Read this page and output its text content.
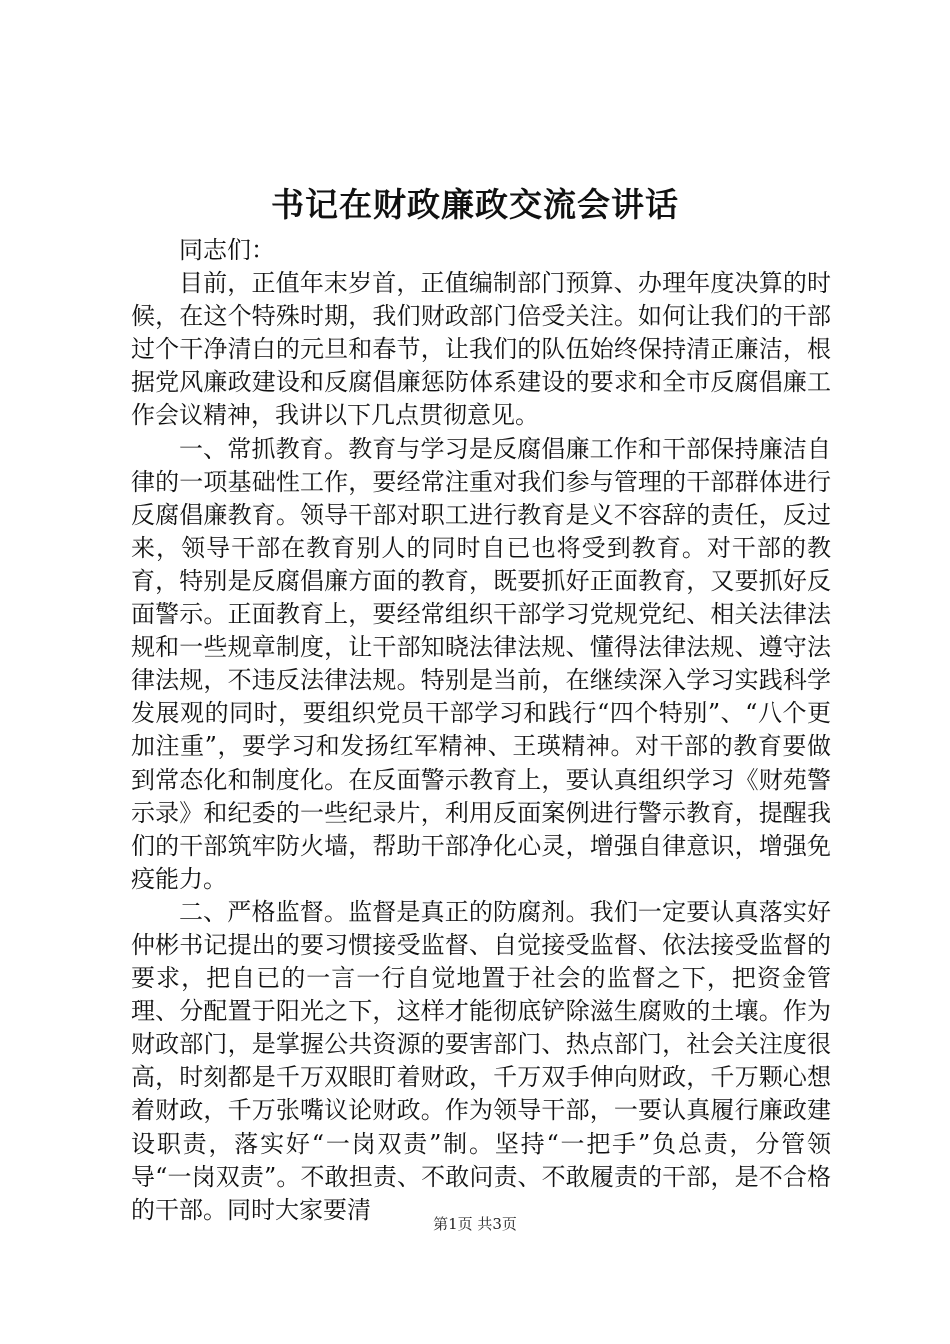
书记在财政廉政交流会讲话

同志们：

目前，正值年末岁首，正值编制部门预算、办理年度决算的时候，在这个特殊时期，我们财政部门倍受关注。如何让我们的干部过个干净清白的元旦和春节，让我们的队伍始终保持清正廉洁，根据党风廉政建设和反腐倡廉惩防体系建设的要求和全市反腐倡廉工作会议精神，我讲以下几点贯彻意见。

一、常抓教育。教育与学习是反腐倡廉工作和干部保持廉洁自律的一项基础性工作，要经常注重对我们参与管理的干部群体进行反腐倡廉教育。领导干部对职工进行教育是义不容辞的责任，反过来，领导干部在教育别人的同时自已也将受到教育。对干部的教育，特别是反腐倡廉方面的教育，既要抓好正面教育，又要抓好反面警示。正面教育上，要经常组织干部学习党规党纪、相关法律法规和一些规章制度，让干部知晓法律法规、懂得法律法规、遵守法律法规，不违反法律法规。特别是当前，在继续深入学习实践科学发展观的同时，要组织党员干部学习和践行“四个特别”、“八个更加注重”，要学习和发扬红军精神、王瑛精神。对干部的教育要做到常态化和制度化。在反面警示教育上，要认真组织学习《财苑警示录》和纪委的一些纪录片，利用反面案例进行警示教育，提醒我们的干部筑牢防火墙，帮助干部净化心灵，增强自律意识，增强免疫能力。

二、严格监督。监督是真正的防腐剂。我们一定要认真落实好仲彬书记提出的要习惯接受监督、自觉接受监督、依法接受监督的要求，把自已的一言一行自觉地置于社会的监督之下，把资金管理、分配置于阳光之下，这样才能彻底铲除滋生腐败的土壤。作为财政部门，是掌握公共资源的要害部门、热点部门，社会关注度很高，时刻都是千万双眼盯着财政，千万双手伸向财政，千万颗心想着财政，千万张嘴议论财政。作为领导干部，一要认真履行廉政建设职责，落实好“一岗双责”制。坚持“一把手”负总责，分管领导“一岗双责”。不敢担责、不敢问责、不敢履责的干部，是不合格的干部。同时大家要清

第1页 共3页
